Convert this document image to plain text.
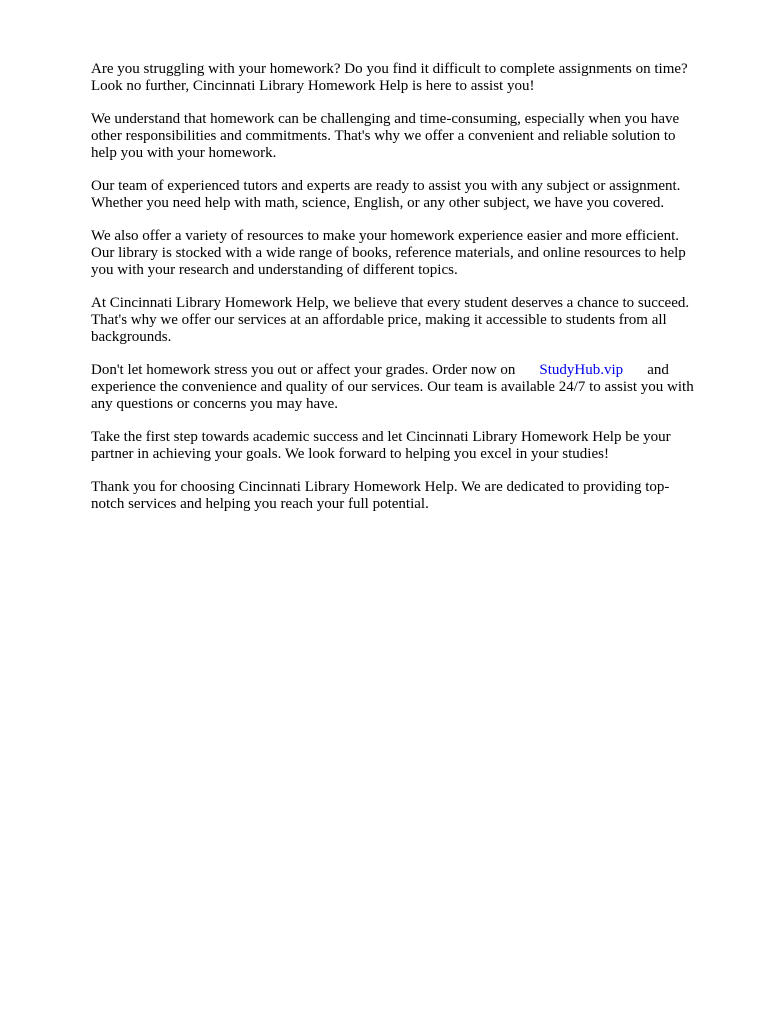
Are you struggling with your homework? Do you find it difficult to complete assignments on time?
Look no further, Cincinnati Library Homework Help is here to assist you!

We understand that homework can be challenging and time-consuming, especially when you have
other responsibilities and commitments. That's why we offer a convenient and reliable solution to
help you with your homework.

Our team of experienced tutors and experts are ready to assist you with any subject or assignment.
Whether you need help with math, science, English, or any other subject, we have you covered.

We also offer a variety of resources to make your homework experience easier and more efficient.
Our library is stocked with a wide range of books, reference materials, and online resources to help
you with your research and understanding of different topics.

At Cincinnati Library Homework Help, we believe that every student deserves a chance to succeed.
That's why we offer our services at an affordable price, making it accessible to students from all
backgrounds.

Don't let homework stress you out or affect your grades. Order now on StudyHub.vip and
experience the convenience and quality of our services. Our team is available 24/7 to assist you with
any questions or concerns you may have.

Take the first step towards academic success and let Cincinnati Library Homework Help be your
partner in achieving your goals. We look forward to helping you excel in your studies!

Thank you for choosing Cincinnati Library Homework Help. We are dedicated to providing top-
notch services and helping you reach your full potential.
